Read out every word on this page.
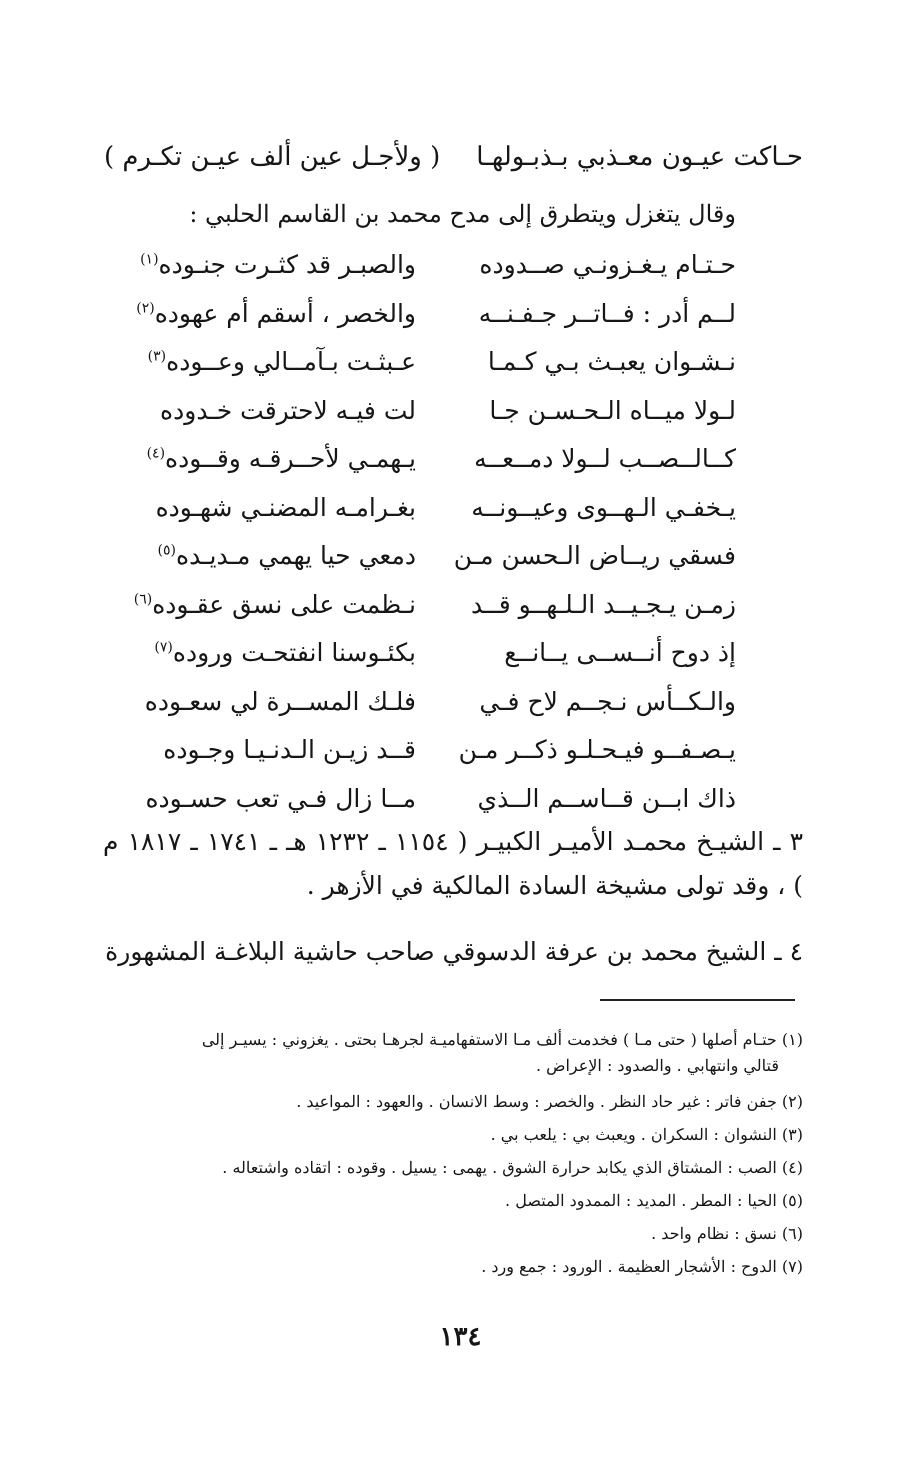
حـاكت عيـون معـذبي بـذبـولهـا
( ولأجـل عين ألف عيـن تكـرم )
وقال يتغزل ويتطرق إلى مدح محمد بن القاسم الحلبي :
حـتـام يـغـزونـي صــدوده
والصبـر قد كثـرت جنـوده$^{(١)}$
لــم أدر : فــاتــر جـفـنــه
والخصر ، أسقم أم عهوده$^{(٢)}$
نـشـوان يعبـث بـي كـمـا
عـبثـت بـآمــالي وعــوده$^{(٣)}$
لـولا ميــاه الـحـسـن جـا
لت فيـه لاحترقت خـدوده
كــالــصــب لــولا دمــعــه
يـهمـي لأحــرقـه وقــوده$^{(٤)}$
يـخفـي الـهــوى وعيــونــه
بغـرامـه المضنـي شهـوده
فسقي ريــاض الـحسن مـن
دمعي حيا يهمي مـديـده$^{(٥)}$
زمـن يـجـيــد الـلـهــو قــد
نـظمت على نسق عقـوده$^{(٦)}$
إذ دوح أنــســى يــانــع
بكئـوسنا انفتحـت وروده$^{(٧)}$
والـكــأس نـجــم لاح فـي
فلـك المســرة لي سعـوده
يـصـفــو فيـحـلـو ذكــر مـن
قــد زيـن الـدنـيـا وجـوده
ذاك ابــن قــاســم الــذي
مــا زال فـي تعب حسـوده
٣ ـ الشيـخ محمـد الأميـر الكبيـر ( ١١٥٤ ـ ١٢٣٢ هـ ـ ١٧٤١ ـ ١٨١٧ م ) ، وقد تولى مشيخة السادة المالكية في الأزهر .
٤ ـ الشيخ محمد بن عرفة الدسوقي صاحب حاشية البلاغـة المشهورة
(١) حتـام أصلها ( حتى مـا ) فخدمت ألف مـا الاستفهاميـة لجرهـا بحتى . يغزوني : يسيـر إلى
قتالي وانتهابي . والصدود : الإعراض .
(٢) جفن فاتر : غير حاد النظر . والخصر : وسط الانسان . والعهود : المواعيد .
(٣) النشوان : السكران . ويعبث بي : يلعب بي .
(٤) الصب : المشتاق الذي يكابد حرارة الشوق . يهمى : يسيل . وقوده : اتقاده واشتعاله .
(٥) الحيا : المطر . المديد : الممدود المتصل .
(٦) نسق : نظام واحد .
(٧) الدوح : الأشجار العظيمة . الورود : جمع ورد .
١٣٤
